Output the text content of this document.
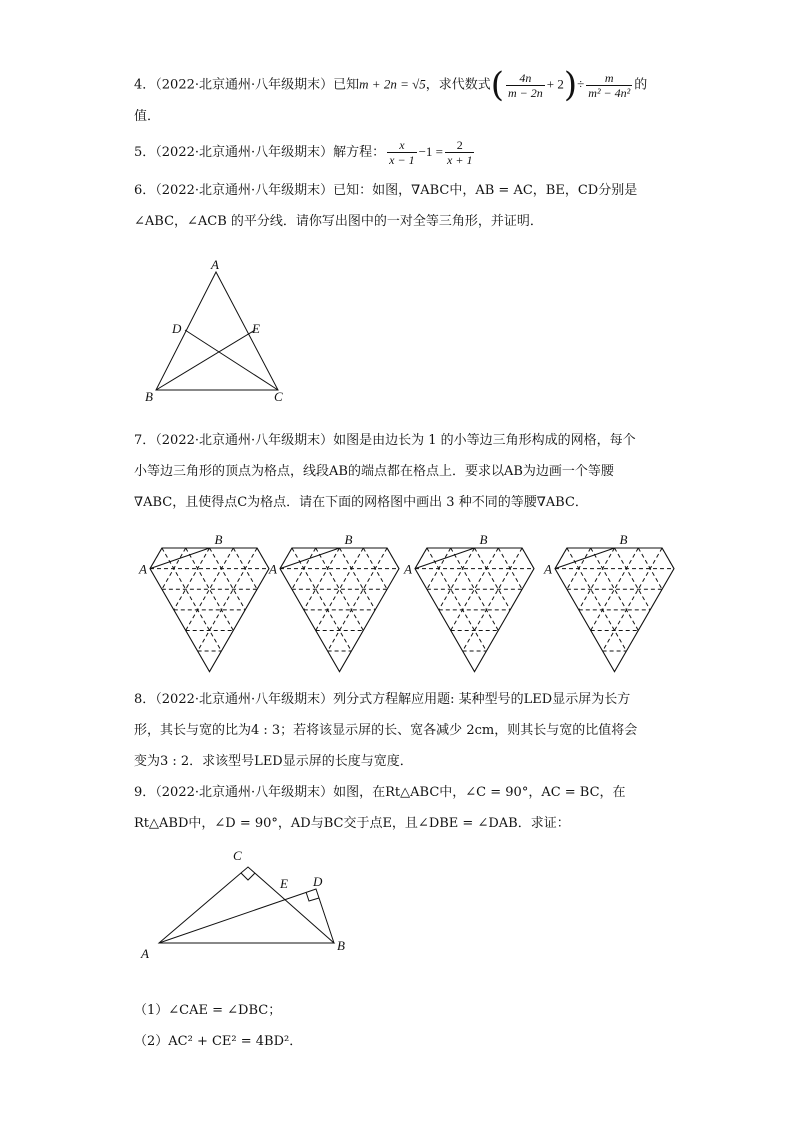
4．（2022·北京通州·八年级期末）已知m + 2n = √5，求代数式( $\frac{4n}{m - 2n} + 2)\div \frac{m}{\text{m² − 4n²}}$ 的
值．
5．（2022·北京通州·八年级期末）解方程： $\frac{x}{x - 1} -1 = \frac{2}{x + 1}$
6．（2022·北京通州·八年级期末）已知：如图，∇ABC中，AB = AC，BE，CD分别是
∠ABC，∠ACB 的平分线．请你写出图中的一对全等三角形，并证明．
A
B	C
D	E
7．（2022·北京通州·八年级期末）如图是由边长为 1 的小等边三角形构成的网格，每个
小等边三角形的顶点为格点，线段AB的端点都在格点上．要求以AB为边画一个等腰
∇ABC，且使得点C为格点．请在下面的网格图中画出 3 种不同的等腰∇ABC．
A
B
A
B
A
B
A
B
8．（2022·北京通州·八年级期末）列分式方程解应用题: 某种型号的LED显示屏为长方
形，其长与宽的比为4 : 3；若将该显示屏的长、宽各减少 2cm，则其长与宽的比值将会
变为3 : 2．求该型号LED显示屏的长度与宽度．
9．（2022·北京通州·八年级期末）如图，在Rt△ABC中，∠C = 90°，AC = BC，在
Rt△ABD中，∠D = 90°，AD与BC交于点E，且∠DBE = ∠DAB．求证：
C
E D
A
B
（1）∠CAE = ∠DBC；
（2）AC² + CE² = 4BD²．
